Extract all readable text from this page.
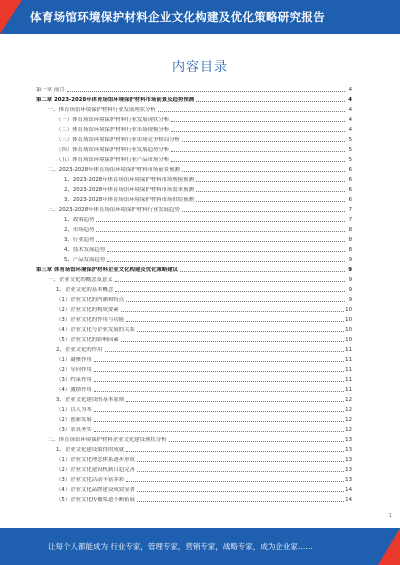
体育场馆环境保护材料企业文化构建及优化策略研究报告
内容目录
第一章 前言	4
第二章 2023-2028年体育场馆环境保护材料市场前景及趋势预测	4
一、体育场馆环境保护材料行业发展现状分析	4
（一）体育场馆环境保护材料行业发展现状分析	4
（二）体育场馆环境保护材料行业市场规模分析	4
（三）体育场馆环境保护材料行业市场竞争格局分析	5
（四）体育场馆环境保护材料行业发展趋势分析	5
（五）体育场馆环境保护材料行业产品市场分析	5
二、2023-2028年体育场馆环境保护材料市场前景预测	6
1、2023-2028年体育场馆环境保护材料市场规模预测	6
2、2023-2028年体育场馆环境保护材料市场需求预测	6
3、2023-2028年体育场馆环境保护材料市场供给预测	6
三、2023-2028年体育场馆环境保护材料行业发展趋势	7
1、政策趋势	7
2、市场趋势	8
3、行业趋势	8
4、技术发展趋势	8
5、产品发展趋势	9
第三章 体育场馆环境保护材料企业文化构建及优化策略建议	9
一、企业文化的概念及意义	9
1、企业文化的基本概念	9
（1）企业文化的内涵和特点	9
（2）企业文化的构成要素	10
（3）企业文化的作用与功能	10
（4）企业文化与企业发展的关系	10
（5）企业文化的影响因素	10
2、企业文化的作用	11
（1）凝聚作用	11
（2）导向作用	11
（3）约束作用	11
（4）激励作用	11
3、企业文化建设的基本原则	12
（1）以人为本	12
（2）创新发展	12
（3）求真务实	12
二、体育场馆环境保护材料企业文化建设现状分析	13
1、企业文化建设取得的成就	13
（1）企业文化理念体系逐步形成	13
（2）企业文化建设机制日趋完善	13
（3）企业文化活动丰富多彩	13
（4）企业文化品牌建设成效显著	14
（5）企业文化传播渠道不断拓展	14
1
让每个人都能成为 行业专家，管理专家，营销专家，战略专家，成为企业家……
